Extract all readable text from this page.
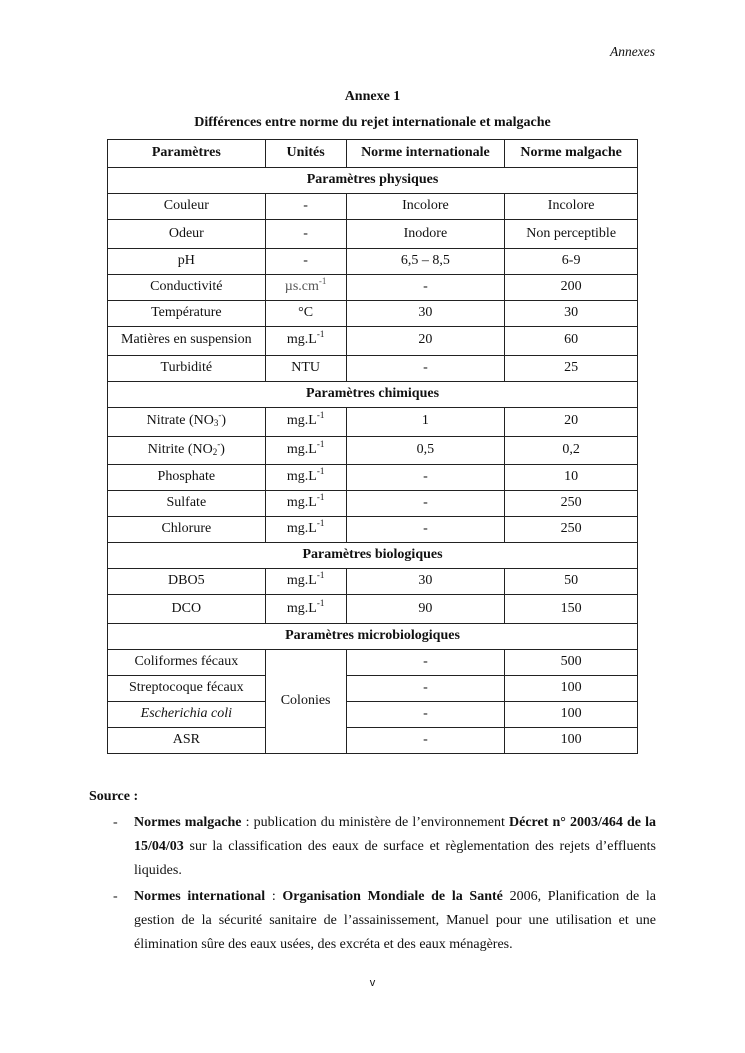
Annexes
Annexe 1
Différences entre norme du rejet internationale et malgache
Paramètres	Unités	Norme internationale	Norme malgache
Paramètres physiques			
Couleur	-	Incolore	Incolore
Odeur	-	Inodore	Non perceptible
pH	-	6,5 – 8,5	6-9
Conductivité	$\mu s.cm^{-1}$	-	200
Température	°C	30	30
Matières en suspension	$mg.L^{-1}$	20	60
Turbidité	NTU	-	25
Paramètres chimiques			
Nitrate $(NO_3^-)$	$mg.L^{-1}$	1	20
Nitrite $(NO_2^-)$	$mg.L^{-1}$	0,5	0,2
Phosphate	$mg.L^{-1}$	-	10
Sulfate	$mg.L^{-1}$	-	250
Chlorure	$mg.L^{-1}$	-	250
Paramètres biologiques			
DBO5	$mg.L^{-1}$	30	50
DCO	$mg.L^{-1}$	90	150
Paramètres microbiologiques			
Coliformes fécaux	Colonies	-	500
Streptocoque fécaux		-	100
Escherichia coli		-	100
ASR		-	100
Source :
- Normes malgache : publication du ministère de l’environnement Décret n° 2003/464 de la 15/04/03 sur la classification des eaux de surface et règlementation des rejets d’effluents liquides.
- Normes international : Organisation Mondiale de la Santé 2006, Planification de la gestion de la sécurité sanitaire de l’assainissement, Manuel pour une utilisation et une élimination sûre des eaux usées, des excréta et des eaux ménagères.
v
